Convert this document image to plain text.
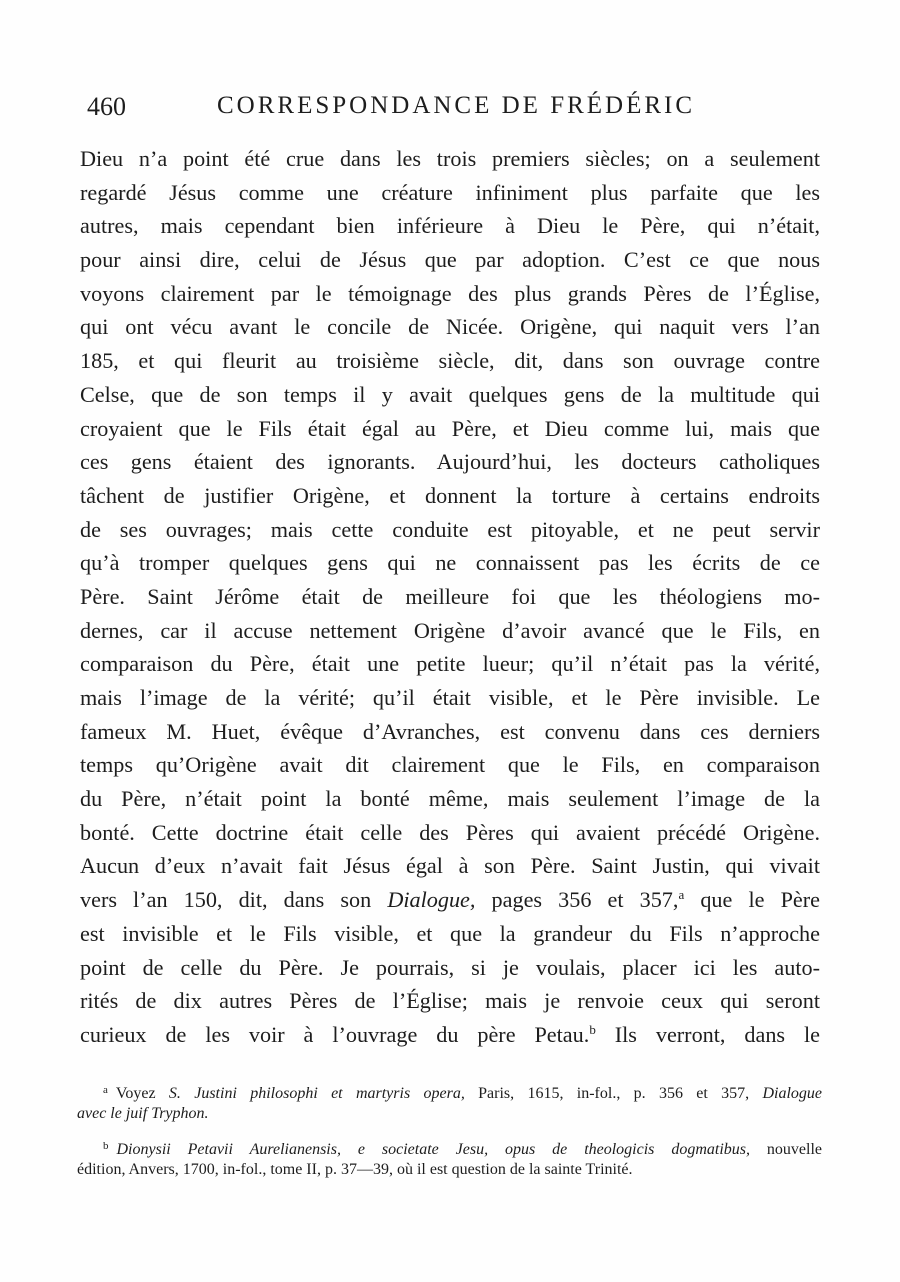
460	CORRESPONDANCE DE FRÉDÉRIC
Dieu n’a point été crue dans les trois premiers siècles; on a seulement
regardé Jésus comme une créature infiniment plus parfaite que les
autres, mais cependant bien inférieure à Dieu le Père, qui n’était,
pour ainsi dire, celui de Jésus que par adoption. C’est ce que nous
voyons clairement par le témoignage des plus grands Pères de l’Église,
qui ont vécu avant le concile de Nicée. Origène, qui naquit vers l’an
185, et qui fleurit au troisième siècle, dit, dans son ouvrage contre
Celse, que de son temps il y avait quelques gens de la multitude qui
croyaient que le Fils était égal au Père, et Dieu comme lui, mais que
ces gens étaient des ignorants. Aujourd’hui, les docteurs catholiques
tâchent de justifier Origène, et donnent la torture à certains endroits
de ses ouvrages; mais cette conduite est pitoyable, et ne peut servir
qu’à tromper quelques gens qui ne connaissent pas les écrits de ce
Père. Saint Jérôme était de meilleure foi que les théologiens mo-
dernes, car il accuse nettement Origène d’avoir avancé que le Fils, en
comparaison du Père, était une petite lueur; qu’il n’était pas la vérité,
mais l’image de la vérité; qu’il était visible, et le Père invisible. Le
fameux M. Huet, évêque d’Avranches, est convenu dans ces derniers
temps qu’Origène avait dit clairement que le Fils, en comparaison
du Père, n’était point la bonté même, mais seulement l’image de la
bonté. Cette doctrine était celle des Pères qui avaient précédé Origène.
Aucun d’eux n’avait fait Jésus égal à son Père. Saint Justin, qui vivait
vers l’an 150, dit, dans son Dialogue, pages 356 et 357,$^a$ que le Père
est invisible et le Fils visible, et que la grandeur du Fils n’approche
point de celle du Père. Je pourrais, si je voulais, placer ici les auto-
rités de dix autres Pères de l’Église; mais je renvoie ceux qui seront
curieux de les voir à l’ouvrage du père Petau.$^b$ Ils verront, dans le
$^a$ Voyez S. Justini philosophi et martyris opera, Paris, 1615, in-fol., p. 356 et 357, Dialogue
avec le juif Tryphon.
$^b$ Dionysii Petavii Aurelianensis, e societate Jesu, opus de theologicis dogmatibus, nouvelle
édition, Anvers, 1700, in-fol., tome II, p. 37—39, où il est question de la sainte Trinité.
